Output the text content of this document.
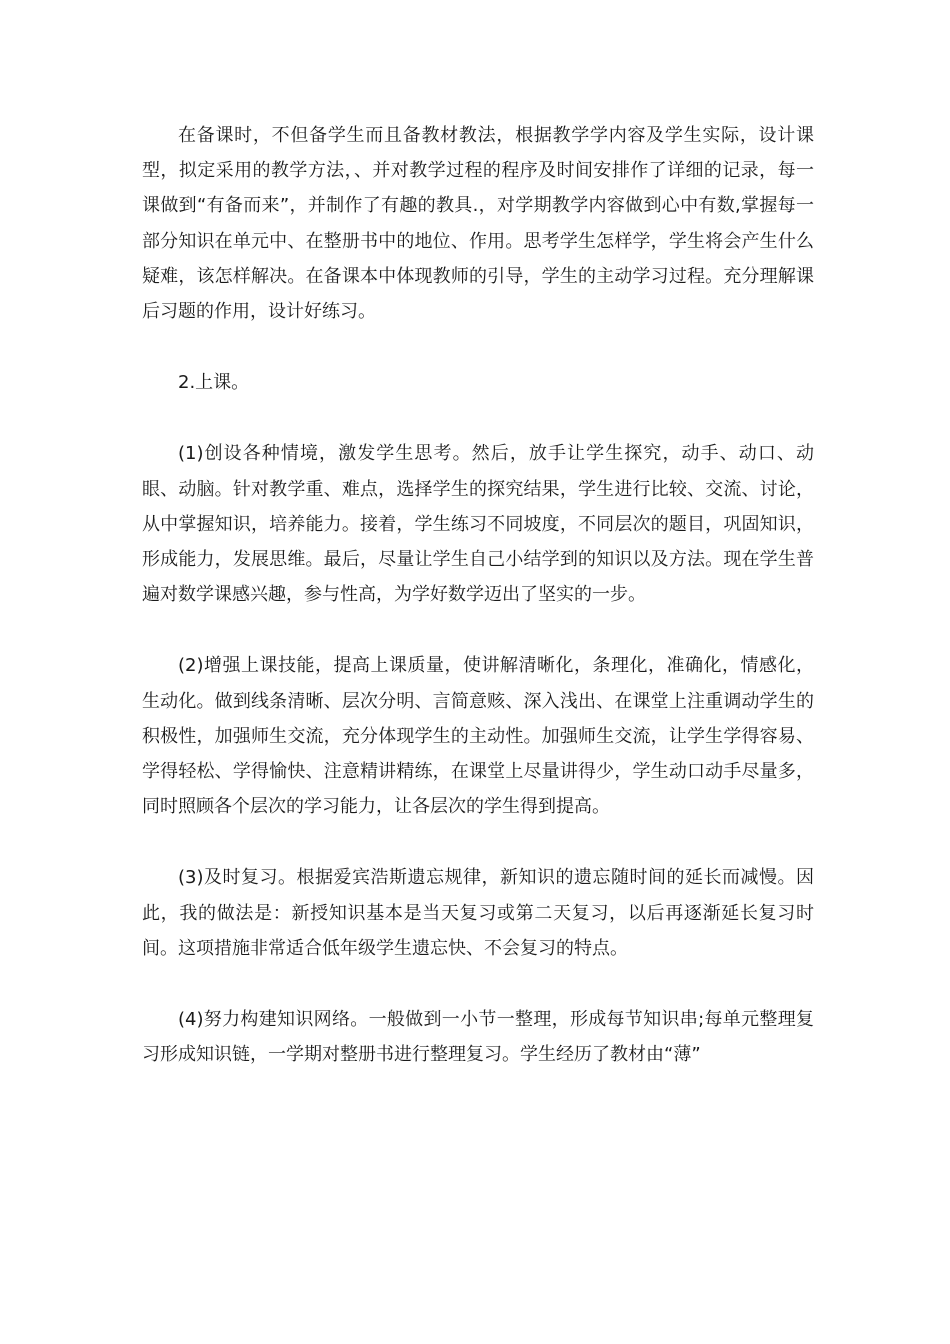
在备课时，不但备学生而且备教材教法，根据教学学内容及学生实际，设计课型，拟定采用的教学方法，、并对教学过程的程序及时间安排作了详细的记录，每一课做到“有备而来”，并制作了有趣的教具.，对学期教学内容做到心中有数,掌握每一部分知识在单元中、在整册书中的地位、作用。思考学生怎样学，学生将会产生什么疑难，该怎样解决。在备课本中体现教师的引导，学生的主动学习过程。充分理解课后习题的作用，设计好练习。

2.上课。

(1)创设各种情境，激发学生思考。然后，放手让学生探究，动手、动口、动眼、动脑。针对教学重、难点，选择学生的探究结果，学生进行比较、交流、讨论，从中掌握知识，培养能力。接着，学生练习不同坡度，不同层次的题目，巩固知识，形成能力，发展思维。最后，尽量让学生自己小结学到的知识以及方法。现在学生普遍对数学课感兴趣，参与性高，为学好数学迈出了坚实的一步。

(2)增强上课技能，提高上课质量，使讲解清晰化，条理化，准确化，情感化，生动化。做到线条清晰、层次分明、言简意赅、深入浅出、在课堂上注重调动学生的积极性，加强师生交流，充分体现学生的主动性。加强师生交流，让学生学得容易、学得轻松、学得愉快、注意精讲精练，在课堂上尽量讲得少，学生动口动手尽量多，同时照顾各个层次的学习能力，让各层次的学生得到提高。

(3)及时复习。根据爱宾浩斯遗忘规律，新知识的遗忘随时间的延长而减慢。因此，我的做法是：新授知识基本是当天复习或第二天复习，以后再逐渐延长复习时间。这项措施非常适合低年级学生遗忘快、不会复习的特点。

(4)努力构建知识网络。一般做到一小节一整理，形成每节知识串;每单元整理复习形成知识链，一学期对整册书进行整理复习。学生经历了教材由“薄”
